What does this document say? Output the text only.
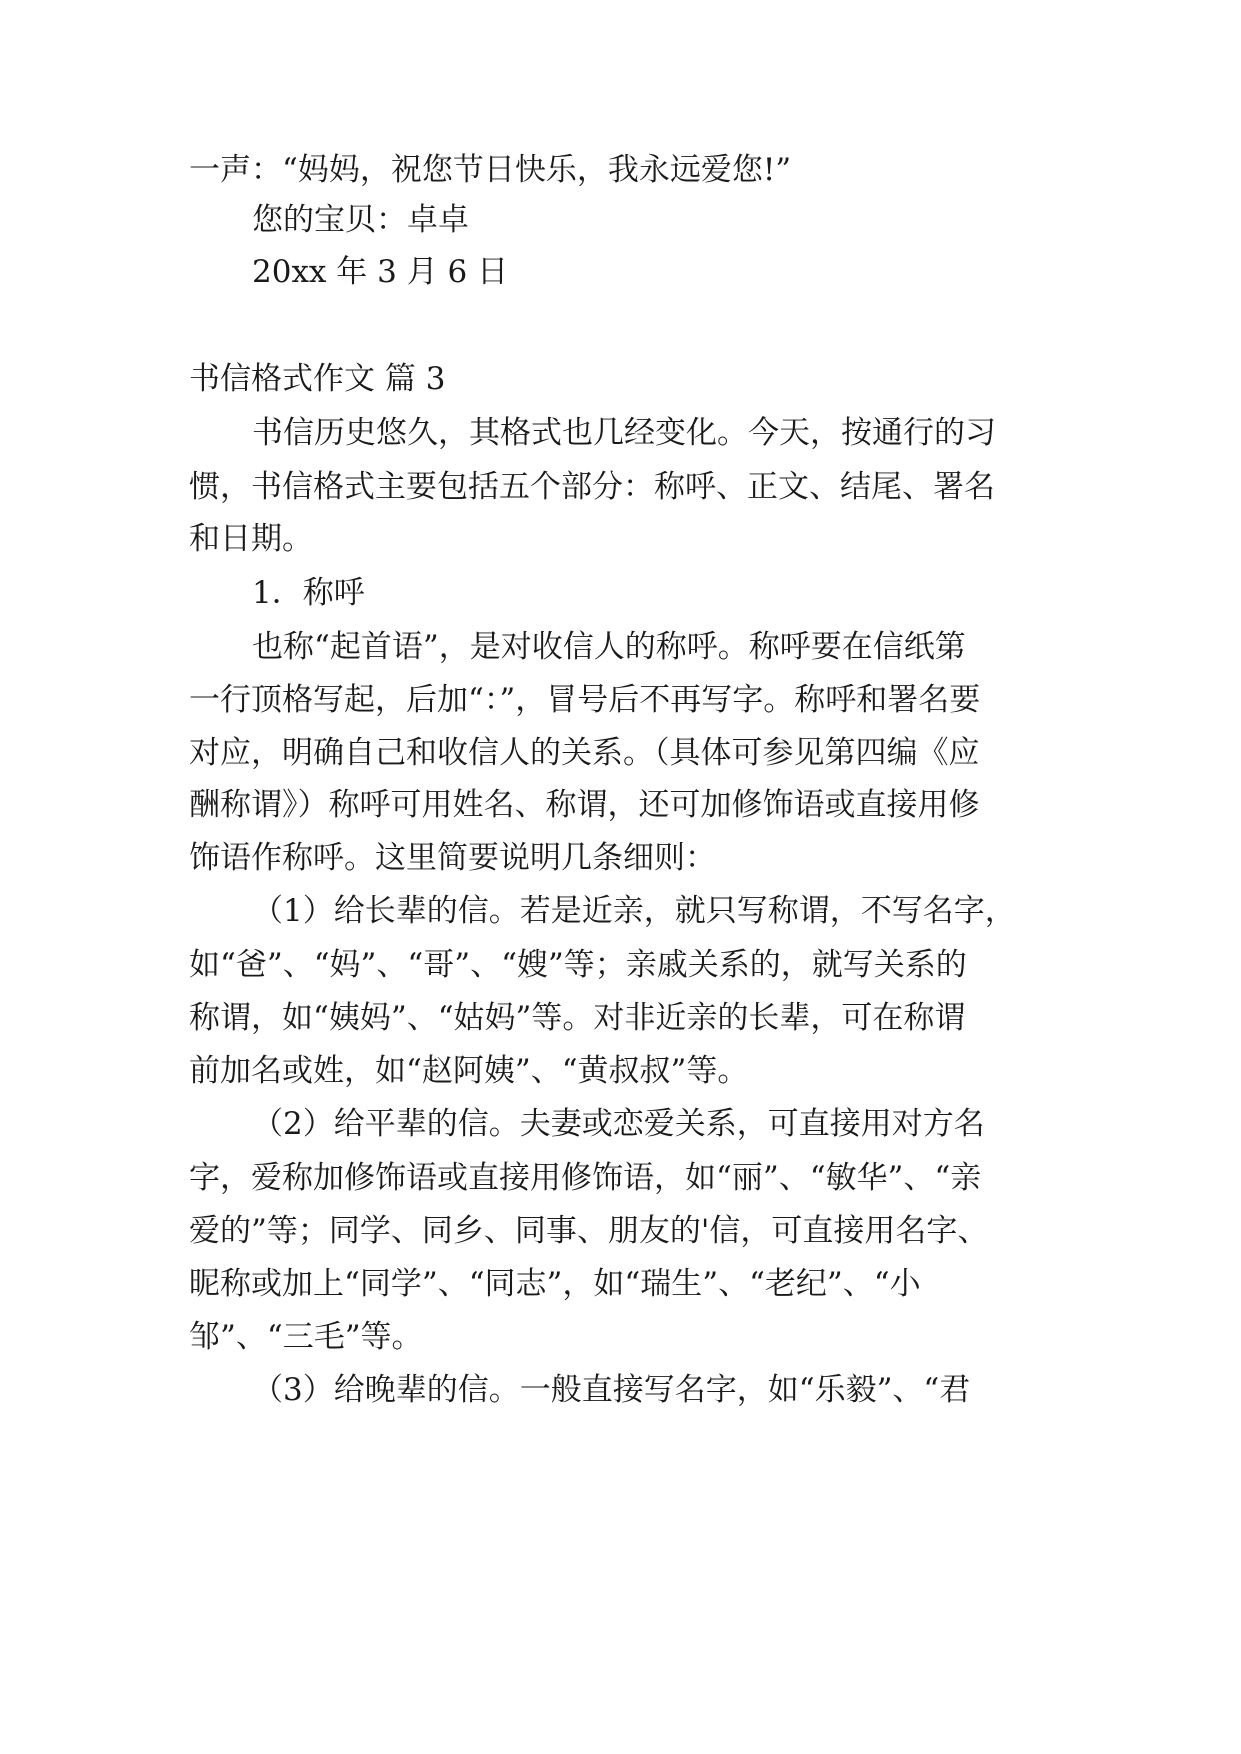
一声：“妈妈，祝您节日快乐，我永远爱您!”
您的宝贝：卓卓
20xx 年 3 月 6 日
书信格式作文 篇 3
书信历史悠久，其格式也几经变化。今天，按通行的习
惯，书信格式主要包括五个部分：称呼、正文、结尾、署名
和日期。
1．称呼
也称“起首语”，是对收信人的称呼。称呼要在信纸第
一行顶格写起，后加“：”，冒号后不再写字。称呼和署名要
对应，明确自己和收信人的关系。（具体可参见第四编《应
酬称谓》）称呼可用姓名、称谓，还可加修饰语或直接用修
饰语作称呼。这里简要说明几条细则：
（1）给长辈的信。若是近亲，就只写称谓，不写名字，
如“爸”、“妈”、“哥”、“嫂”等；亲戚关系的，就写关系的
称谓，如“姨妈”、“姑妈”等。对非近亲的长辈，可在称谓
前加名或姓，如“赵阿姨”、“黄叔叔”等。
（2）给平辈的信。夫妻或恋爱关系，可直接用对方名
字，爱称加修饰语或直接用修饰语，如“丽”、“敏华”、“亲
爱的”等；同学、同乡、同事、朋友的'信，可直接用名字、
昵称或加上“同学”、“同志”，如“瑞生”、“老纪”、“小
邹”、“三毛”等。
（3）给晚辈的信。一般直接写名字，如“乐毅”、“君
